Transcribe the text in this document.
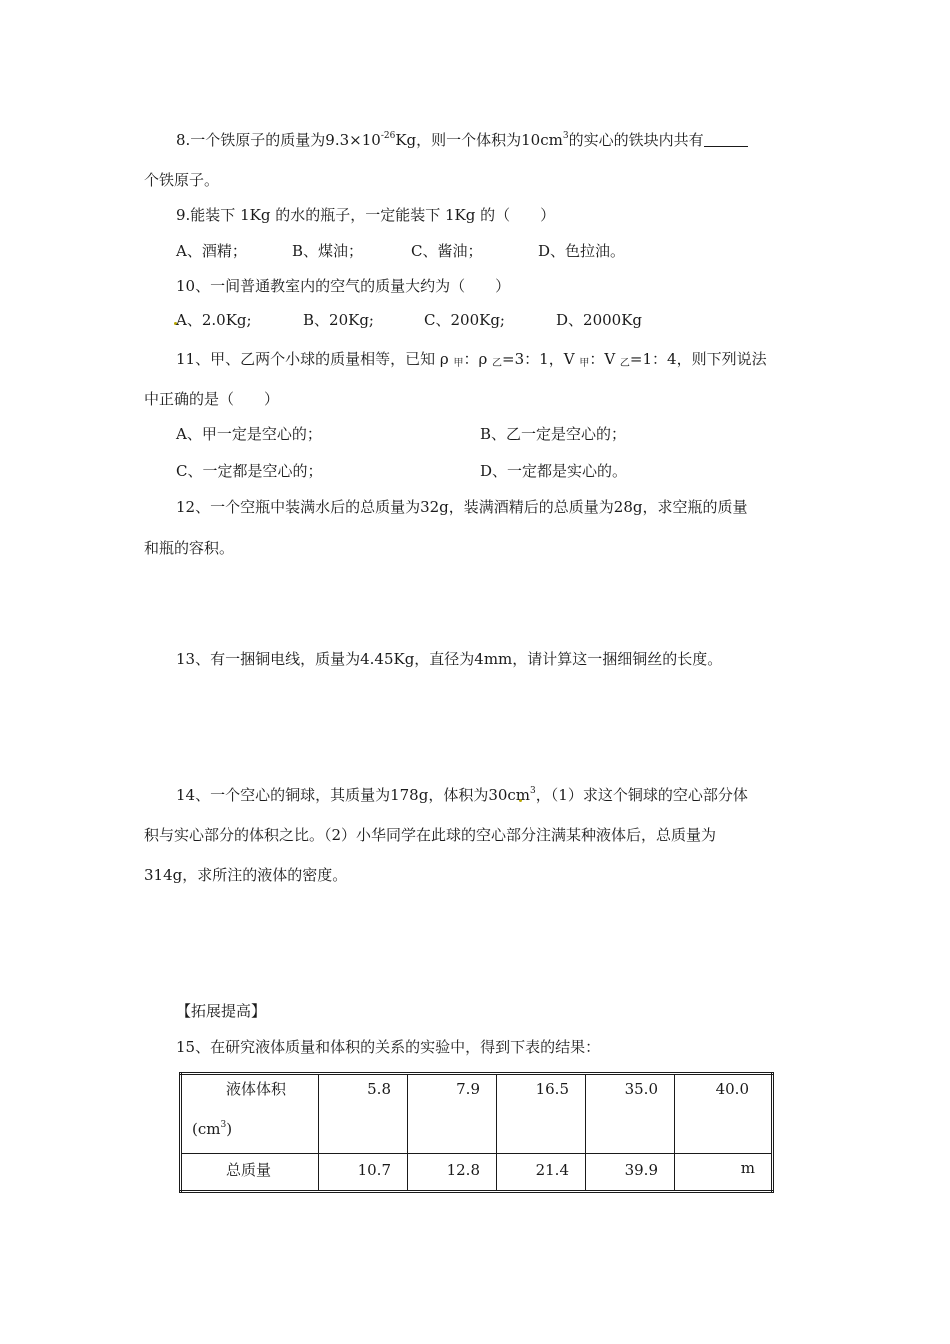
8.一个铁原子的质量为$9.3\times 10^{-26}Kg$，则一个体积为$10cm^3$的实心的铁块内共有
个铁原子。
9.能装下 1Kg 的水的瓶子，一定能装下 1Kg 的（　　）
A、酒精；	B、煤油；	C、酱油；	D、色拉油。
10、一间普通教室内的空气的质量大约为（　　）
A、2.0Kg;	B、20Kg;	C、200Kg;	D、2000Kg
11、甲、乙两个小球的质量相等，已知 ρ $_甲$：ρ $_乙$=3：1，V $_甲$：V $_乙$=1：4，则下列说法
中正确的是（　　）
A、甲一定是空心的；	B、乙一定是空心的；
C、一定都是空心的；	D、一定都是实心的。
12、一个空瓶中装满水后的总质量为32g，装满酒精后的总质量为28g，求空瓶的质量
和瓶的容积。
13、有一捆铜电线，质量为4.45Kg，直径为4mm，请计算这一捆细铜丝的长度。
14、一个空心的铜球，其质量为178g，体积为$30cm^3$，（1）求这个铜球的空心部分体
积与实心部分的体积之比。（2）小华同学在此球的空心部分注满某种液体后，总质量为
314g，求所注的液体的密度。
【拓展提高】
15、在研究液体质量和体积的关系的实验中，得到下表的结果：
液体体积
$(cm^3)$	5.8	7.9	16.5	35.0	40.0

总质量	10.7	12.8	21.4	39.9	m
